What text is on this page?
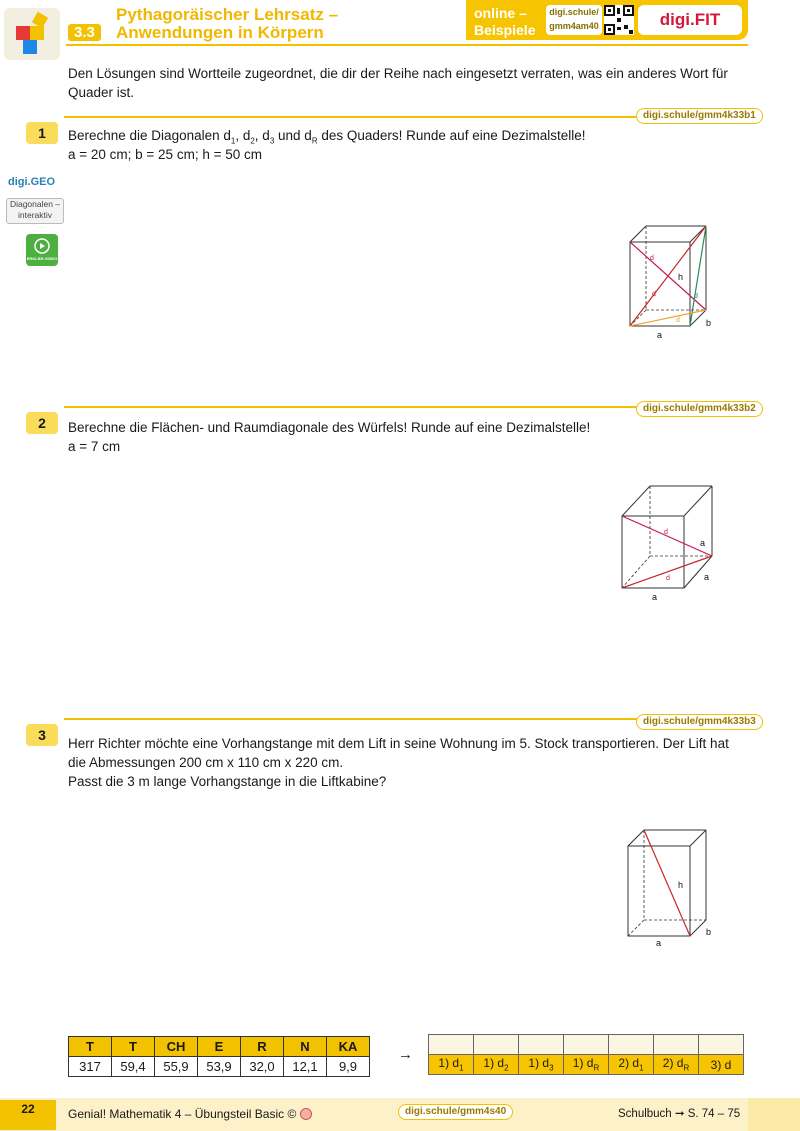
Pythagoräischer Lehrsatz –
3.3	Anwendungen in Körpern
online –
Beispiele
digi.schule/
gmm4am40	digi.FIT
Den Lösungen sind Wortteile zugeordnet, die dir der Reihe nach eingesetzt verraten, was ein anderes Wort für Quader ist.
digi.GEO
Diagonalen –
interaktiv
ERKLÄR-VIDEO
digi.schule/gmm4k33b1
1	Berechne die Diagonalen $d_1$, $d_2$, $d_3$ und $d_R$ des Quaders! Runde auf eine Dezimalstelle!
a = 20 cm; b = 25 cm; h = 50 cm
d
h
d	d
d
a
b
digi.schule/gmm4k33b2
2	Berechne die Flächen- und Raumdiagonale des Würfels! Runde auf eine Dezimalstelle!
a = 7 cm
d
d
a
a
a
digi.schule/gmm4k33b3
3
Herr Richter möchte eine Vorhangstange mit dem Lift in seine Wohnung im 5. Stock transportieren. Der Lift hat
die Abmessungen 200 cm x 110 cm x 220 cm.
Passt die 3 m lange Vorhangstange in die Liftkabine?
h
a
b
T	T	CH	E	R	N	KA
317	59,4	55,9	53,9	32,0	12,1	9,9
→

1) $d_1$	1) $d_2$	1) $d_3$	1) $d_R$	2) $d_1$	2) $d_R$	3) d
22	Genial! Mathematik 4 – Übungsteil Basic ©	digi.schule/gmm4s40	Schulbuch ➞ S. 74 – 75
